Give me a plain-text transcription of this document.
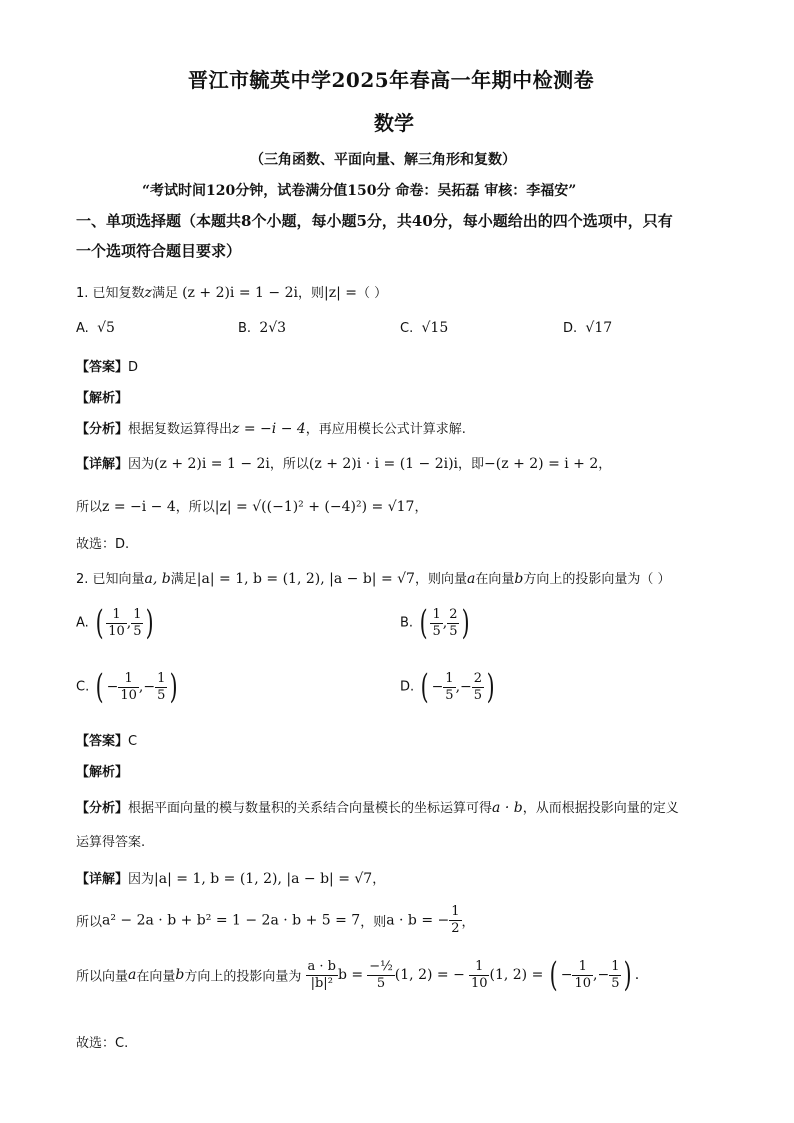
晋江市毓英中学2025年春高一年期中检测卷
数学
（三角函数、平面向量、解三角形和复数）
“考试时间120分钟，试卷满分值150分 命卷：吴拓磊 审核：李福安”
一、单项选择题（本题共8个小题，每小题5分，共40分，每小题给出的四个选项中，只有
一个选项符合题目要求）
1. 已知复数z满足 (z + 2)i = 1 − 2i，则|z| =（ ）
A. √5	B. 2√3	C. √15	D. √17
【答案】D
【解析】
【分析】根据复数运算得出z = −i − 4，再应用模长公式计算求解.
【详解】因为(z + 2)i = 1 − 2i，所以(z + 2)i · i = (1 − 2i)i，即−(z + 2) = i + 2，
所以z = −i − 4，所以|z| = √((−1)² + (−4)²) = √17，
故选：D.
2. 已知向量a, b满足|a| = 1, b = (1, 2), |a − b| = √7，则向量a在向量b方向上的投影向量为（ ）
A. ( $\frac{1}{10}$ , $\frac{1}{5}$ )	B. ( $\frac{1}{5}$ , $\frac{2}{5}$ )
C. ( − $\frac{1}{10}$ ,− $\frac{1}{5}$ )	D. ( − $\frac{1}{5}$ ,− $\frac{2}{5}$ )
【答案】C
【解析】
【分析】根据平面向量的模与数量积的关系结合向量模长的坐标运算可得a · b，从而根据投影向量的定义
运算得答案.
【详解】因为|a| = 1, b = (1, 2), |a − b| = √7，
所以a² − 2a · b + b² = 1 − 2a · b + 5 = 7，则a · b = − $\frac{1}{2}$ ，
所以向量a在向量b方向上的投影向量为 $\frac{a \cdot b}{\text{|b|²}}$ $b = \frac{\text{−½}}{5} (1$, 2) = − $\frac{1}{10} (1$, 2) = ( − $\frac{1}{10}$ ,− $\frac{1}{5}$ ) .
故选：C.
